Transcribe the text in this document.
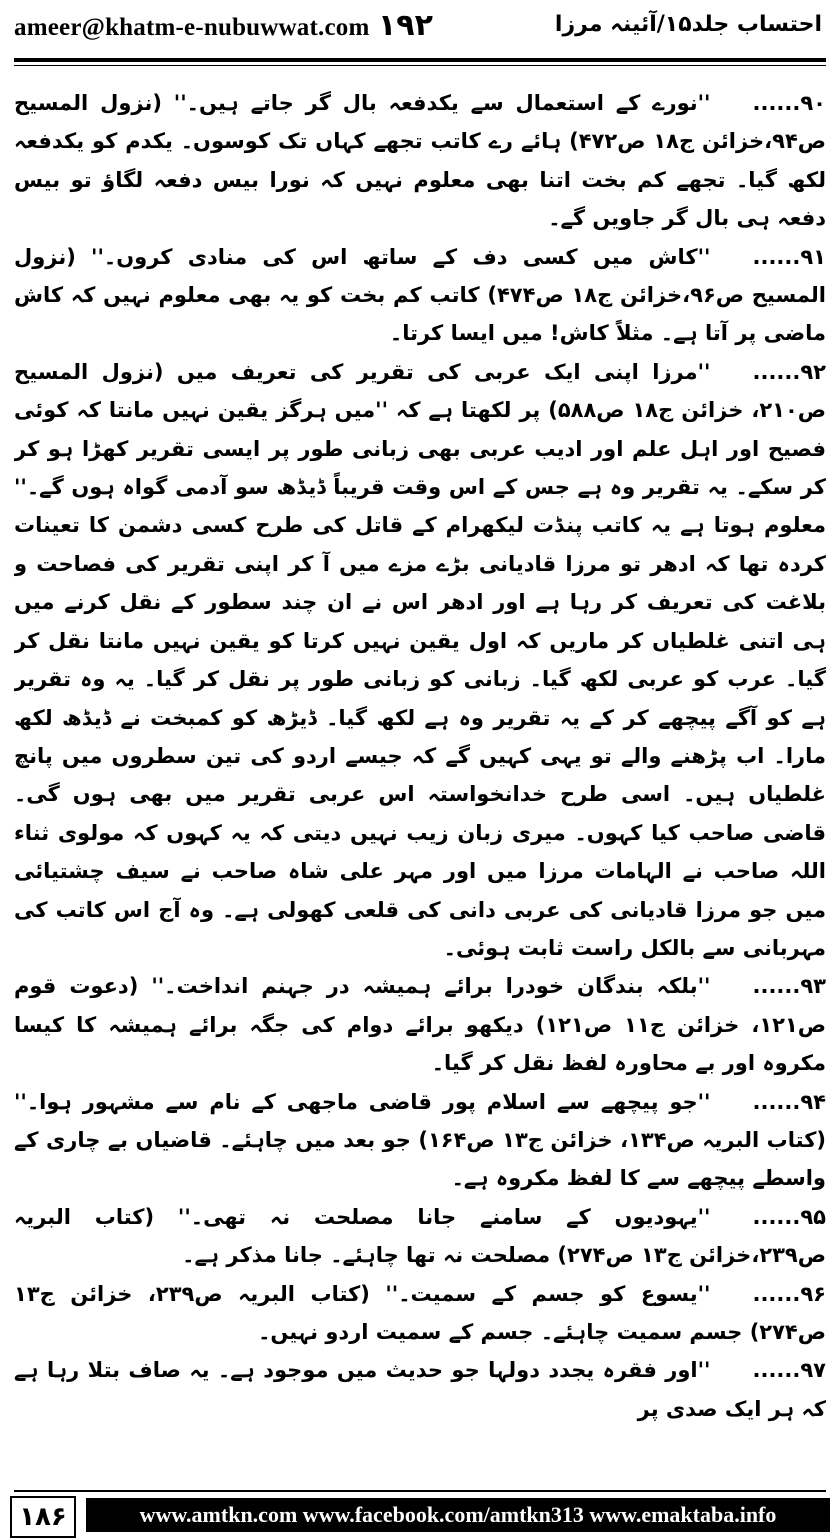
ameer@khatm-e-nubuwwat.com ۱۹۲	احتساب جلد۱۵/آئینہ مرزا

۹۰......''نورے کے استعمال سے یکدفعہ بال گر جاتے ہیں۔'' (نزول المسیح ص۹۴،خزائن ج۱۸ ص۴۷۲) ہائے رے کاتب تجھے کہاں تک کوسوں۔ یکدم کو یکدفعہ لکھ گیا۔ تجھے کم بخت اتنا بھی معلوم نہیں کہ نورا بیس دفعہ لگاؤ تو بیس دفعہ ہی بال گر جاویں گے۔

۹۱......''کاش میں کسی دف کے ساتھ اس کی منادی کروں۔'' (نزول المسیح ص۹۶،خزائن ج۱۸ ص۴۷۴) کاتب کم بخت کو یہ بھی معلوم نہیں کہ کاش ماضی پر آتا ہے۔ مثلاً کاش! میں ایسا کرتا۔

۹۲......''مرزا اپنی ایک عربی کی تقریر کی تعریف میں (نزول المسیح ص۲۱۰، خزائن ج۱۸ ص۵۸۸) پر لکھتا ہے کہ ''میں ہرگز یقین نہیں مانتا کہ کوئی فصیح اور اہل علم اور ادیب عربی بھی زبانی طور پر ایسی تقریر کھڑا ہو کر کر سکے۔ یہ تقریر وہ ہے جس کے اس وقت قریباً ڈیڈھ سو آدمی گواہ ہوں گے۔'' معلوم ہوتا ہے یہ کاتب پنڈت لیکھرام کے قاتل کی طرح کسی دشمن کا تعینات کردہ تھا کہ ادھر تو مرزا قادیانی بڑے مزے میں آ کر اپنی تقریر کی فصاحت و بلاغت کی تعریف کر رہا ہے اور ادھر اس نے ان چند سطور کے نقل کرنے میں ہی اتنی غلطیاں کر ماریں کہ اول یقین نہیں کرتا کو یقین نہیں مانتا نقل کر گیا۔ عرب کو عربی لکھ گیا۔ زبانی کو زبانی طور پر نقل کر گیا۔ یہ وہ تقریر ہے کو آگے پیچھے کر کے یہ تقریر وہ ہے لکھ گیا۔ ڈیڑھ کو کمبخت نے ڈیڈھ لکھ مارا۔ اب پڑھنے والے تو یہی کہیں گے کہ جیسے اردو کی تین سطروں میں پانچ غلطیاں ہیں۔ اسی طرح خدانخواستہ اس عربی تقریر میں بھی ہوں گی۔ قاضی صاحب کیا کہوں۔ میری زبان زیب نہیں دیتی کہ یہ کہوں کہ مولوی ثناء اللہ صاحب نے الہامات مرزا میں اور مہر علی شاہ صاحب نے سیف چشتیائی میں جو مرزا قادیانی کی عربی دانی کی قلعی کھولی ہے۔ وہ آج اس کاتب کی مہربانی سے بالکل راست ثابت ہوئی۔

۹۳......''بلکہ بندگان خودرا برائے ہمیشہ در جہنم انداخت۔'' (دعوت قوم ص۱۲۱، خزائن ج۱۱ ص۱۲۱) دیکھو برائے دوام کی جگہ برائے ہمیشہ کا کیسا مکروہ اور بے محاورہ لفظ نقل کر گیا۔

۹۴......''جو پیچھے سے اسلام پور قاضی ماجھی کے نام سے مشہور ہوا۔'' (کتاب البریہ ص۱۳۴، خزائن ج۱۳ ص۱۶۴) جو بعد میں چاہئے۔ قاضیاں بے چاری کے واسطے پیچھے سے کا لفظ مکروہ ہے۔

۹۵......''یہودیوں کے سامنے جانا مصلحت نہ تھی۔'' (کتاب البریہ ص۲۳۹،خزائن ج۱۳ ص۲۷۴) مصلحت نہ تھا چاہئے۔ جانا مذکر ہے۔

۹۶......''یسوع کو جسم کے سمیت۔'' (کتاب البریہ ص۲۳۹، خزائن ج۱۳ ص۲۷۴) جسم سمیت چاہئے۔ جسم کے سمیت اردو نہیں۔

۹۷......''اور فقرہ یجدد دولہا جو حدیث میں موجود ہے۔ یہ صاف بتلا رہا ہے کہ ہر ایک صدی پر

۱۸۶	www.amtkn.com www.facebook.com/amtkn313 www.emaktaba.info
